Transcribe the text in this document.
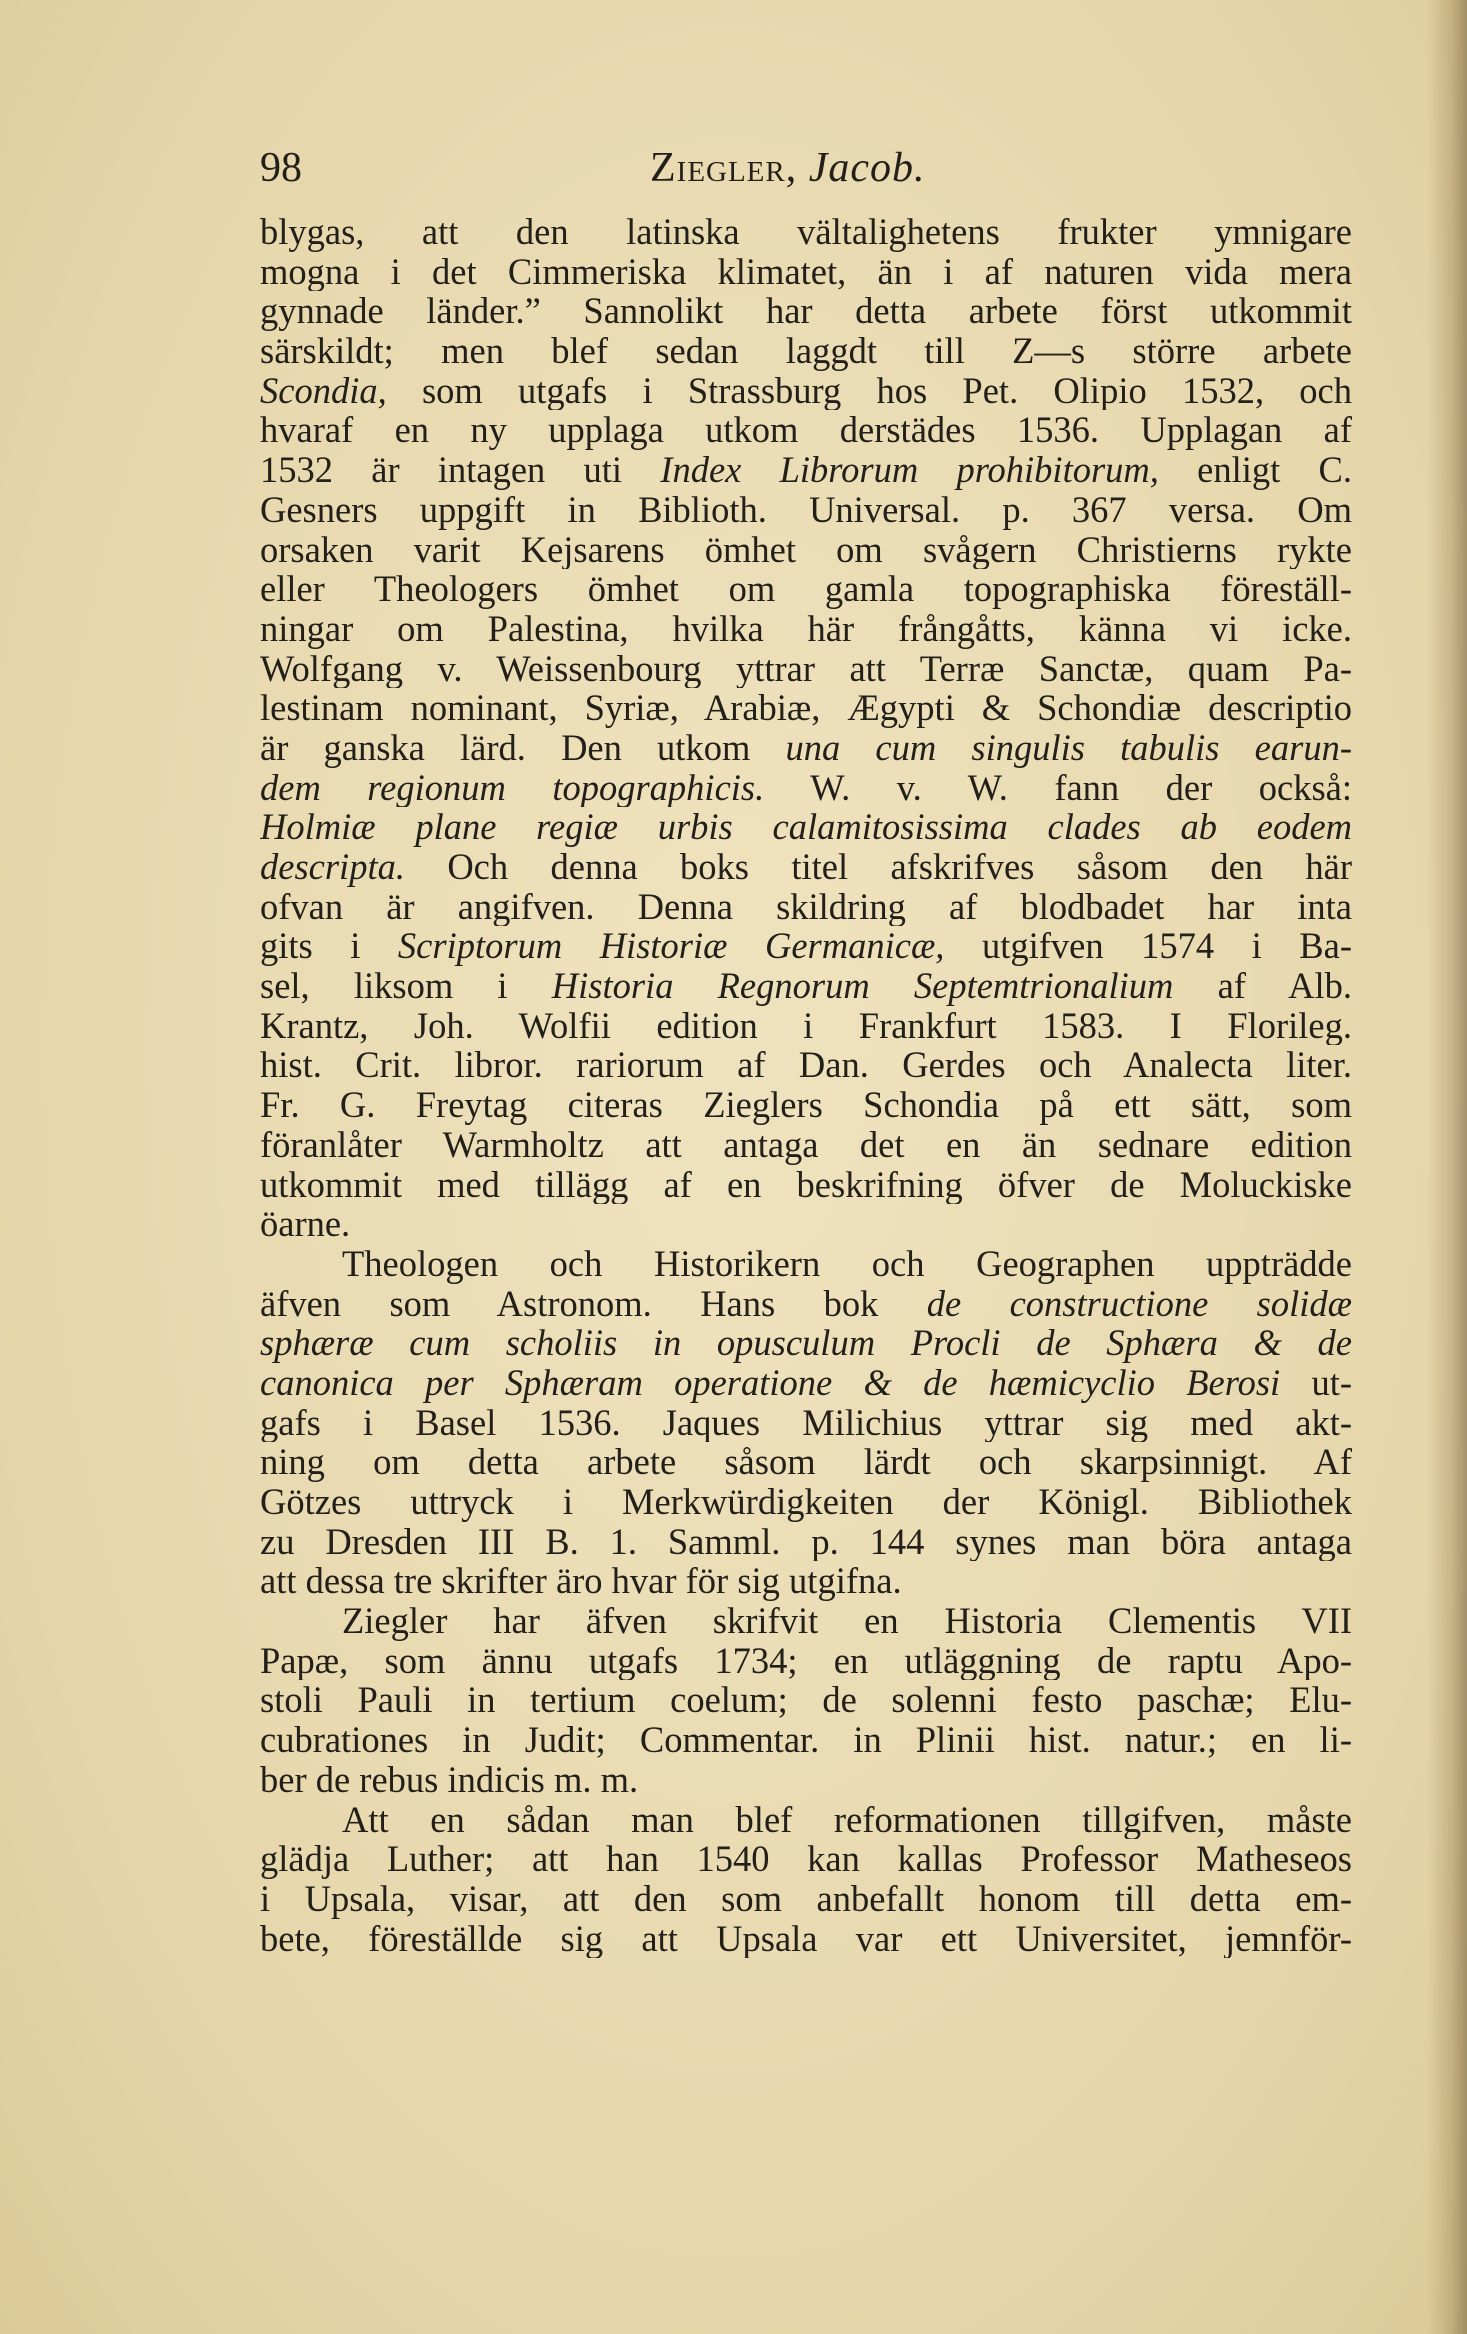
98	Ziegler, Jacob.
blygas, att den latinska vältalighetens frukter ymnigare
mogna i det Cimmeriska klimatet, än i af naturen vida mera
gynnade länder.” Sannolikt har detta arbete först utkommit
särskildt; men blef sedan laggdt till Z—s större arbete
Scondia, som utgafs i Strassburg hos Pet. Olipio 1532, och
hvaraf en ny upplaga utkom derstädes 1536. Upplagan af
1532 är intagen uti Index Librorum prohibitorum, enligt C.
Gesners uppgift in Biblioth. Universal. p. 367 versa. Om
orsaken varit Kejsarens ömhet om svågern Christierns rykte
eller Theologers ömhet om gamla topographiska föreställ-
ningar om Palestina, hvilka här frångåtts, känna vi icke.
Wolfgang v. Weissenbourg yttrar att Terræ Sanctæ, quam Pa-
lestinam nominant, Syriæ, Arabiæ, Ægypti & Schondiæ descriptio
är ganska lärd. Den utkom una cum singulis tabulis earun-
dem regionum topographicis. W. v. W. fann der också:
Holmiæ plane regiæ urbis calamitosissima clades ab eodem
descripta. Och denna boks titel afskrifves såsom den här
ofvan är angifven. Denna skildring af blodbadet har inta
gits i Scriptorum Historiæ Germanicæ, utgifven 1574 i Ba-
sel, liksom i Historia Regnorum Septemtrionalium af Alb.
Krantz, Joh. Wolfii edition i Frankfurt 1583. I Florileg.
hist. Crit. libror. rariorum af Dan. Gerdes och Analecta liter.
Fr. G. Freytag citeras Zieglers Schondia på ett sätt, som
föranlåter Warmholtz att antaga det en än sednare edition
utkommit med tillägg af en beskrifning öfver de Moluckiske
öarne.
Theologen och Historikern och Geographen uppträdde
äfven som Astronom. Hans bok de constructione solidæ
sphæræ cum scholiis in opusculum Procli de Sphæra & de
canonica per Sphæram operatione & de hæmicyclio Berosi ut-
gafs i Basel 1536. Jaques Milichius yttrar sig med akt-
ning om detta arbete såsom lärdt och skarpsinnigt. Af
Götzes uttryck i Merkwürdigkeiten der Königl. Bibliothek
zu Dresden III B. 1. Samml. p. 144 synes man böra antaga
att dessa tre skrifter äro hvar för sig utgifna.
Ziegler har äfven skrifvit en Historia Clementis VII
Papæ, som ännu utgafs 1734; en utläggning de raptu Apo-
stoli Pauli in tertium coelum; de solenni festo paschæ; Elu-
cubrationes in Judit; Commentar. in Plinii hist. natur.; en li-
ber de rebus indicis m. m.
Att en sådan man blef reformationen tillgifven, måste
glädja Luther; att han 1540 kan kallas Professor Matheseos
i Upsala, visar, att den som anbefallt honom till detta em-
bete, föreställde sig att Upsala var ett Universitet, jemnför-
